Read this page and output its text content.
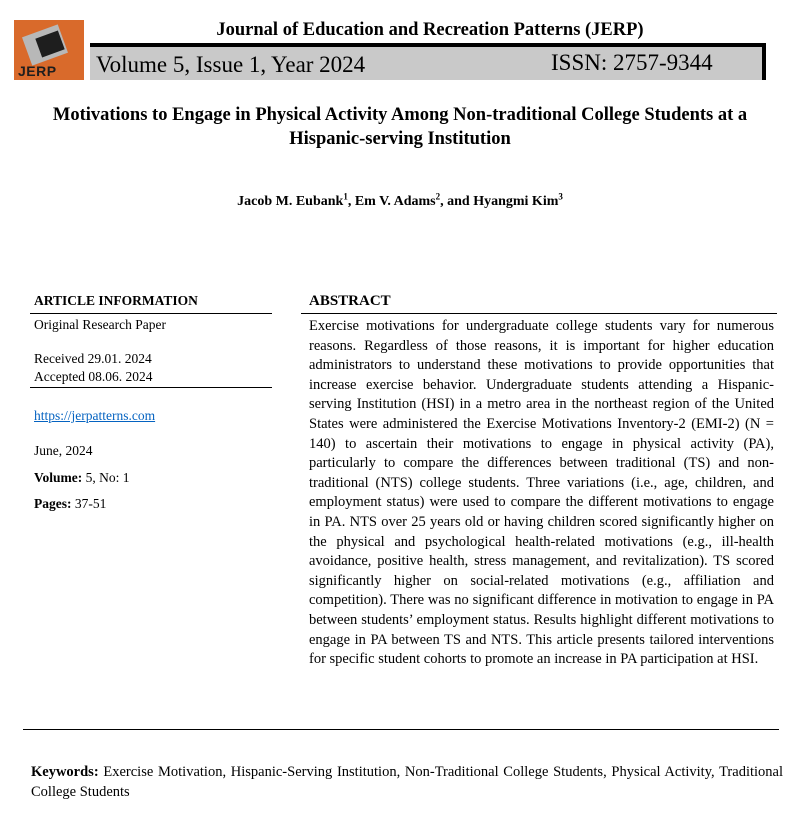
JERP
Journal of Education and Recreation Patterns (JERP)
Volume 5, Issue 1, Year 2024	ISSN: 2757-9344
Motivations to Engage in Physical Activity Among Non-traditional College Students at a
Hispanic-serving Institution
Jacob M. Eubank$^1$, Em V. Adams$^2$, and Hyangmi Kim$^3$
ARTICLE INFORMATION
Original Research Paper
Received 29.01. 2024
Accepted 08.06. 2024
https://jerpatterns.com
June, 2024
Volume: 5, No: 1
Pages: 37-51
ABSTRACT
Exercise motivations for undergraduate college students vary for numerous reasons. Regardless of those reasons, it is important for higher education administrators to understand these motivations to provide opportunities that increase exercise behavior. Undergraduate students attending a Hispanic-serving Institution (HSI) in a metro area in the northeast region of the United States were administered the Exercise Motivations Inventory-2 (EMI-2) (N = 140) to ascertain their motivations to engage in physical activity (PA), particularly to compare the differences between traditional (TS) and non-traditional (NTS) college students. Three variations (i.e., age, children, and employment status) were used to compare the different motivations to engage in PA. NTS over 25 years old or having children scored significantly higher on the physical and psychological health-related motivations (e.g., ill-health avoidance, positive health, stress management, and revitalization). TS scored significantly higher on social-related motivations (e.g., affiliation and competition). There was no significant difference in motivation to engage in PA between students’ employment status. Results highlight different motivations to engage in PA between TS and NTS. This article presents tailored interventions for specific student cohorts to promote an increase in PA participation at HSI.
Keywords: Exercise Motivation, Hispanic-Serving Institution, Non-Traditional College Students, Physical Activity, Traditional College Students
